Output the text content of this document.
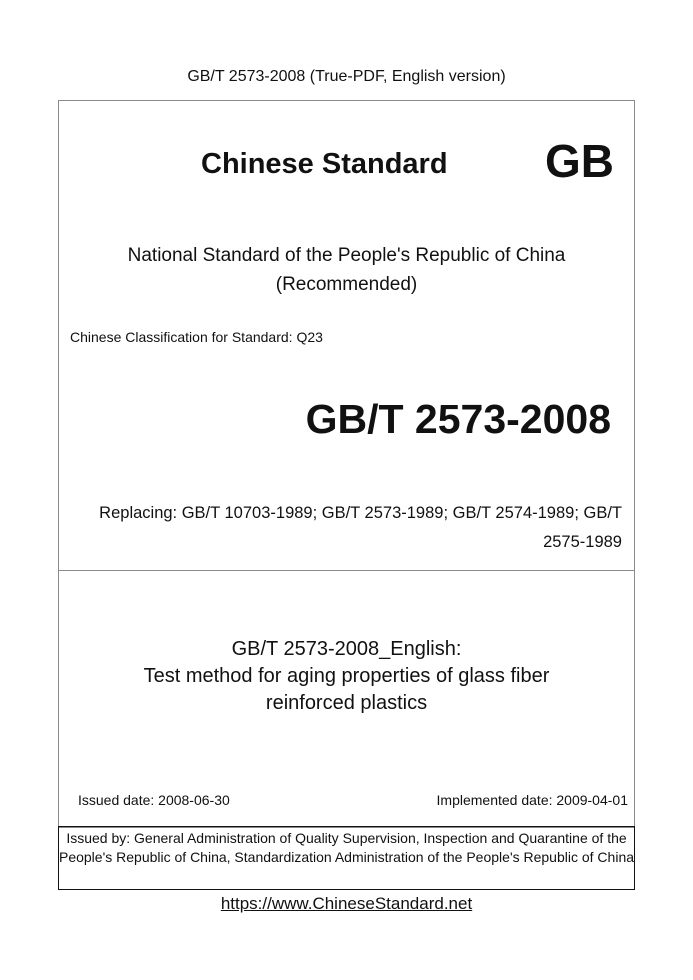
GB/T 2573-2008 (True-PDF, English version)
Chinese Standard GB
National Standard of the People's Republic of China
(Recommended)
Chinese Classification for Standard: Q23
GB/T 2573-2008
Replacing: GB/T 10703-1989; GB/T 2573-1989; GB/T 2574-1989; GB/T 2575-1989
GB/T 2573-2008_English:
Test method for aging properties of glass fiber reinforced plastics
Issued date: 2008-06-30	Implemented date: 2009-04-01
Issued by: General Administration of Quality Supervision, Inspection and Quarantine of the People's Republic of China, Standardization Administration of the People's Republic of China
https://www.ChineseStandard.net
